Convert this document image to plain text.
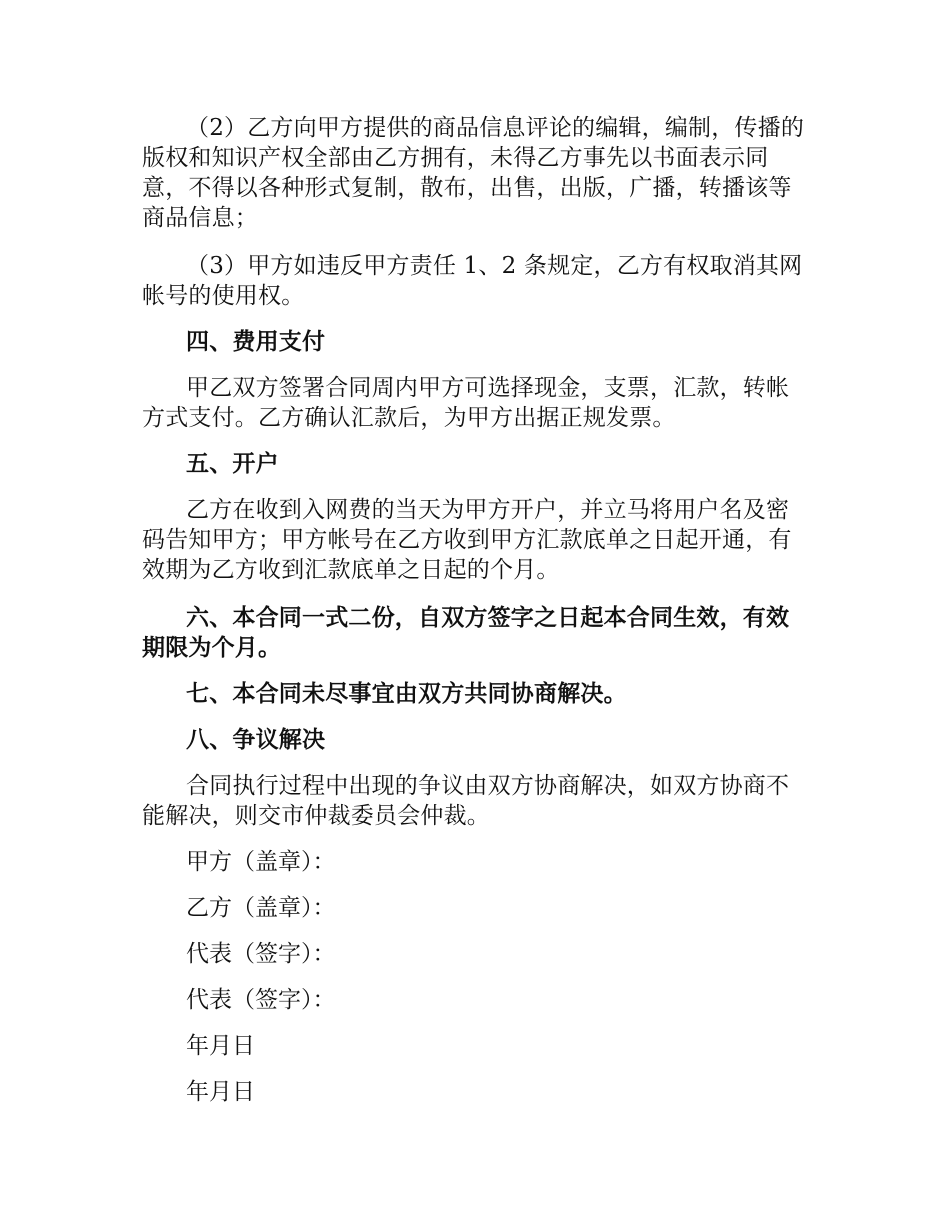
（2）乙方向甲方提供的商品信息评论的编辑，编制，传播的版权和知识产权全部由乙方拥有，未得乙方事先以书面表示同意，不得以各种形式复制，散布，出售，出版，广播，转播该等商品信息；

（3）甲方如违反甲方责任 1、2 条规定，乙方有权取消其网帐号的使用权。

四、费用支付

甲乙双方签署合同周内甲方可选择现金，支票，汇款，转帐方式支付。乙方确认汇款后，为甲方出据正规发票。

五、开户

乙方在收到入网费的当天为甲方开户，并立马将用户名及密码告知甲方；甲方帐号在乙方收到甲方汇款底单之日起开通，有效期为乙方收到汇款底单之日起的个月。

六、本合同一式二份，自双方签字之日起本合同生效，有效期限为个月。

七、本合同未尽事宜由双方共同协商解决。

八、争议解决

合同执行过程中出现的争议由双方协商解决，如双方协商不能解决，则交市仲裁委员会仲裁。

甲方（盖章）：

乙方（盖章）：

代表（签字）：

代表（签字）：

年月日

年月日
